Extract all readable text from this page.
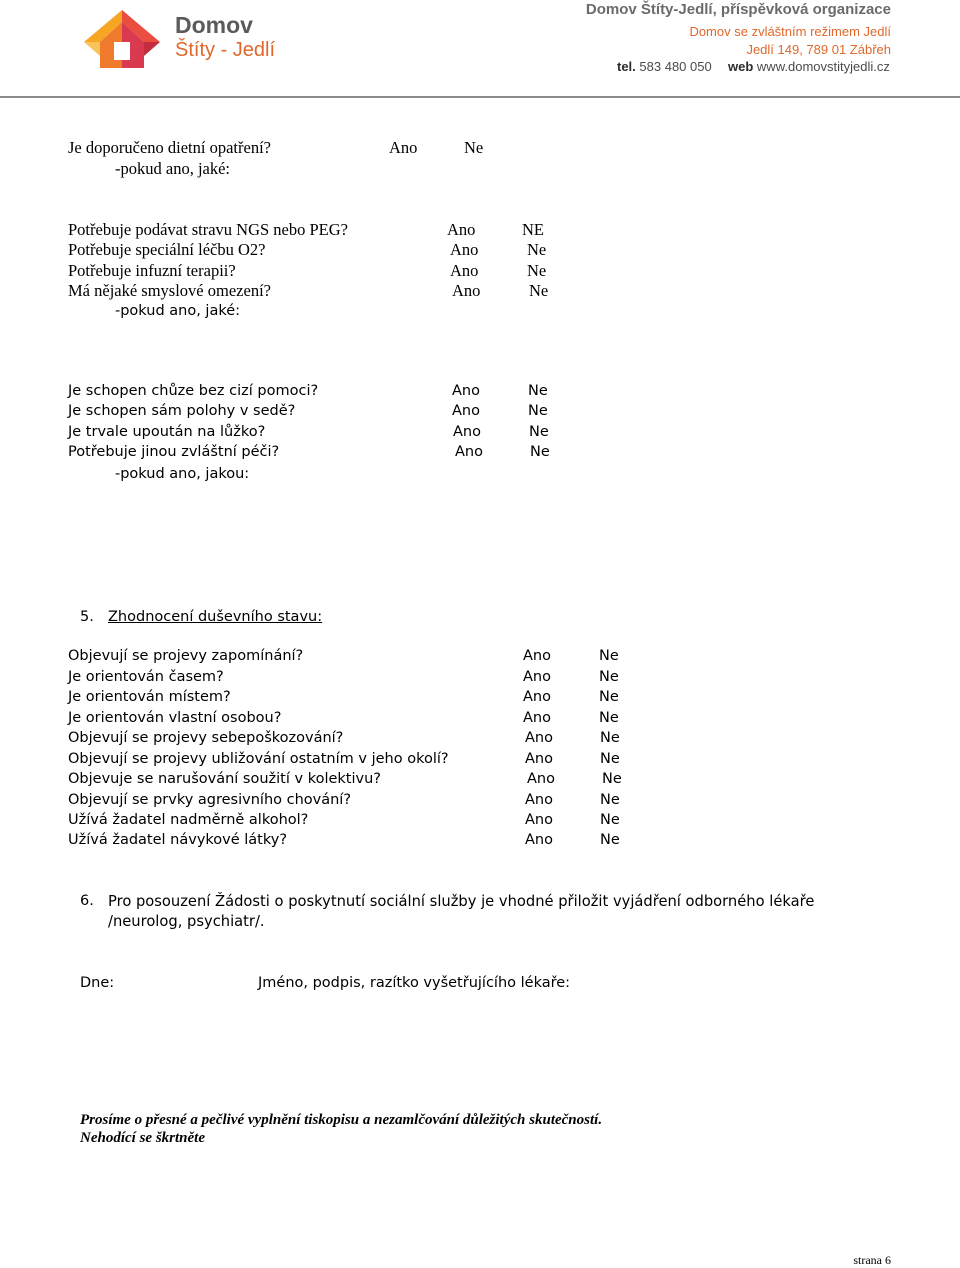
Domov
Štíty - Jedlí
Domov Štíty-Jedlí, příspěvková organizace
Domov se zvláštním režimem Jedlí
Jedlí 149, 789 01 Zábřeh
tel. 583 480 050 web www.domovstityjedli.cz
Je doporučeno dietní opatření?	Ano	Ne
-pokud ano, jaké:
Potřebuje podávat stravu NGS nebo PEG?	Ano	NE
Potřebuje speciální léčbu O2?	Ano	Ne
Potřebuje infuzní terapii?	Ano	Ne
Má nějaké smyslové omezení?	Ano	Ne
-pokud ano, jaké:
Je schopen chůze bez cizí pomoci?	Ano	Ne
Je schopen sám polohy v sedě?	Ano	Ne
Je trvale upoután na lůžko?	Ano	Ne
Potřebuje jinou zvláštní péči?	Ano	Ne
-pokud ano, jakou:
5. Zhodnocení duševního stavu:
Objevují se projevy zapomínání?	Ano	Ne
Je orientován časem?	Ano	Ne
Je orientován místem?	Ano	Ne
Je orientován vlastní osobou?	Ano	Ne
Objevují se projevy sebepoškozování?	Ano	Ne
Objevují se projevy ubližování ostatním v jeho okolí?	Ano	Ne
Objevuje se narušování soužití v kolektivu?	Ano	Ne
Objevují se prvky agresivního chování?	Ano	Ne
Užívá žadatel nadměrně alkohol?	Ano	Ne
Užívá žadatel návykové látky?	Ano	Ne
6. Pro posouzení Žádosti o poskytnutí sociální služby je vhodné přiložit vyjádření odborného lékaře
/neurolog, psychiatr/.
Dne:	Jméno, podpis, razítko vyšetřujícího lékaře:
Prosíme o přesné a pečlivé vyplnění tiskopisu a nezamlčování důležitých skutečností.
Nehodící se škrtněte
strana 6
